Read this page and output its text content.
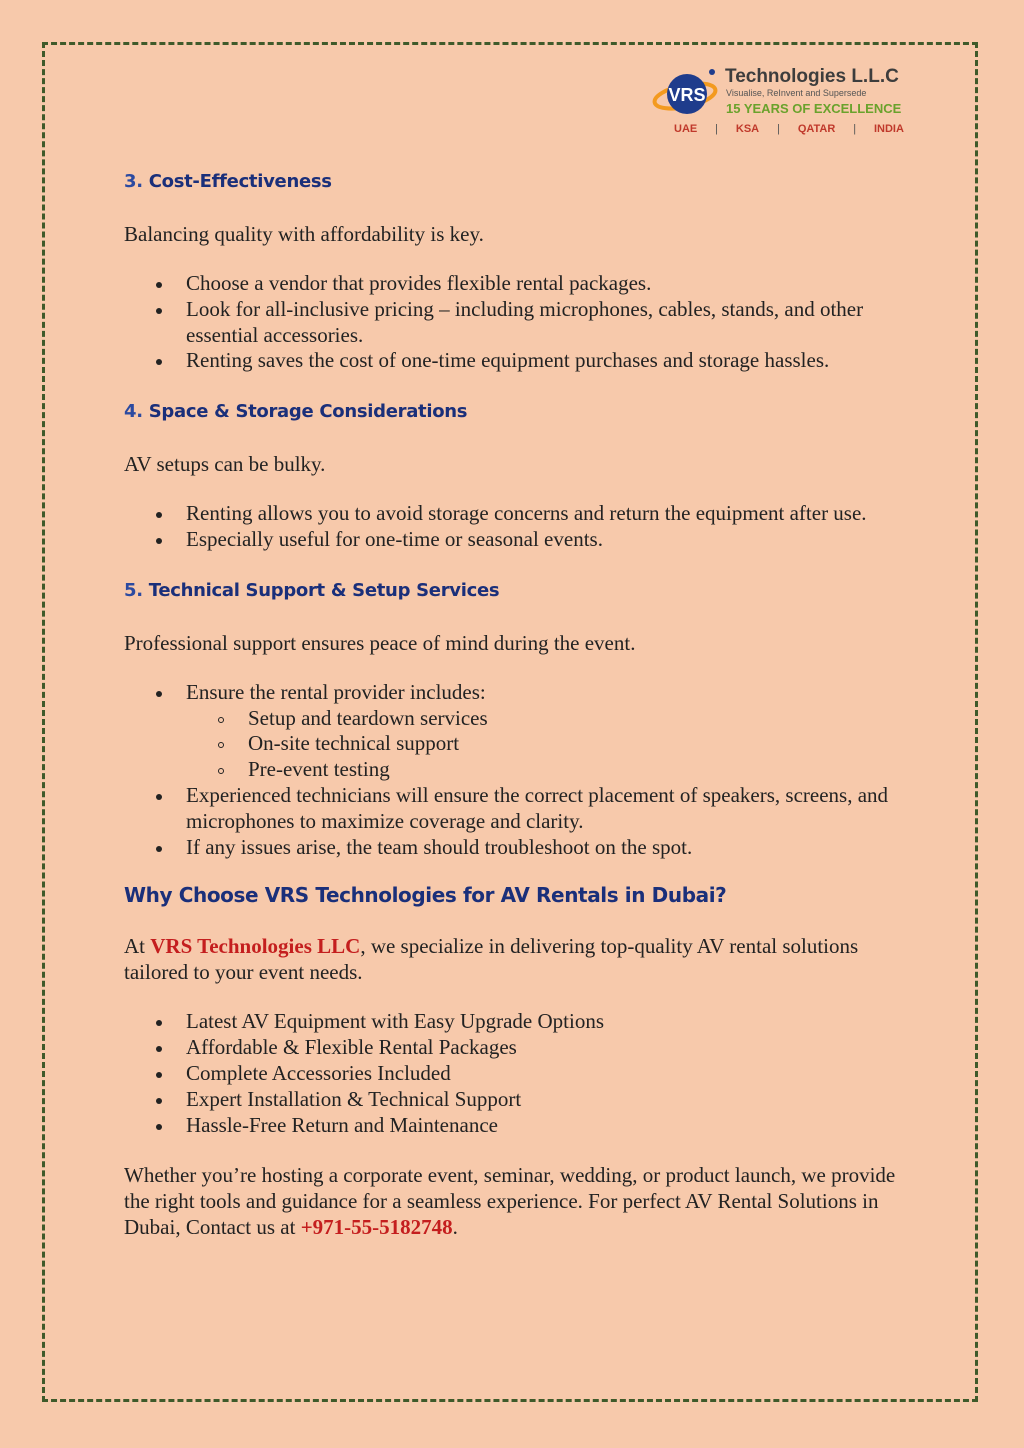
VRS
Technologies L.L.C
Visualise, ReInvent and Supersede
15 YEARS OF EXCELLENCE
UAE | KSA | QATAR | INDIA
3. Cost-Effectiveness

Balancing quality with affordability is key.

Choose a vendor that provides flexible rental packages.
Look for all-inclusive pricing – including microphones, cables, stands, and other essential accessories.
Renting saves the cost of one-time equipment purchases and storage hassles.
4. Space & Storage Considerations

AV setups can be bulky.

Renting allows you to avoid storage concerns and return the equipment after use.
Especially useful for one-time or seasonal events.
5. Technical Support & Setup Services

Professional support ensures peace of mind during the event.

Ensure the rental provider includes:
Setup and teardown services
On-site technical support
Pre-event testing
Experienced technicians will ensure the correct placement of speakers, screens, and microphones to maximize coverage and clarity.
If any issues arise, the team should troubleshoot on the spot.
Why Choose VRS Technologies for AV Rentals in Dubai?

At VRS Technologies LLC, we specialize in delivering top-quality AV rental solutions tailored to your event needs.

Latest AV Equipment with Easy Upgrade Options
Affordable & Flexible Rental Packages
Complete Accessories Included
Expert Installation & Technical Support
Hassle-Free Return and Maintenance

Whether you’re hosting a corporate event, seminar, wedding, or product launch, we provide the right tools and guidance for a seamless experience. For perfect AV Rental Solutions in Dubai, Contact us at +971-55-5182748.
